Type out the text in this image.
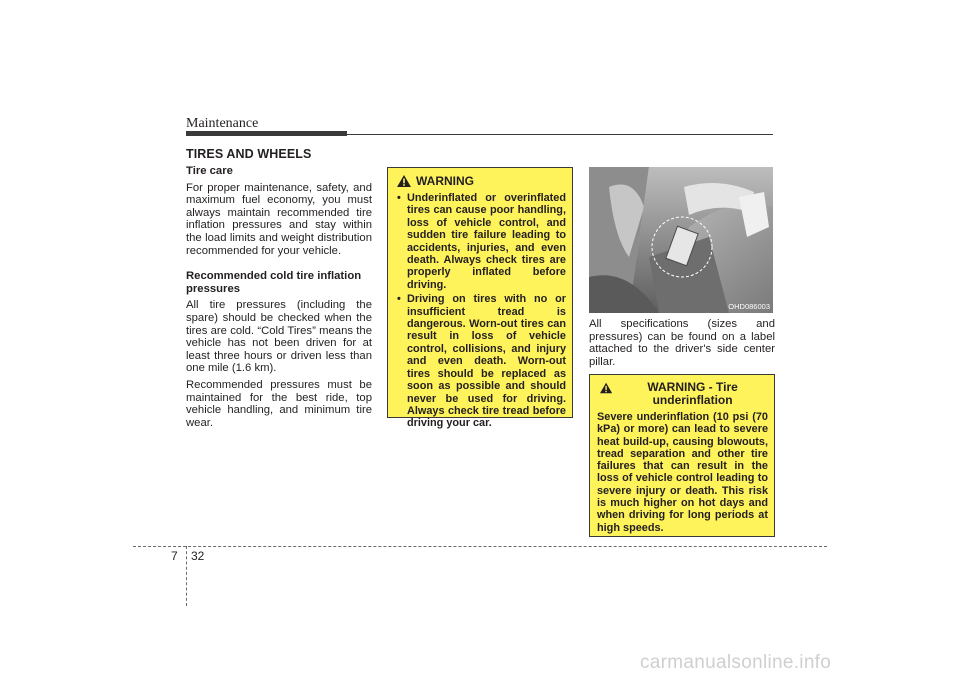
Maintenance
TIRES AND WHEELS
Tire care

For proper maintenance, safety, and maximum fuel economy, you must always maintain recommended tire inflation pressures and stay within the load limits and weight distribution recommended for your vehicle.

Recommended cold tire inflation pressures

All tire pressures (including the spare) should be checked when the tires are cold. “Cold Tires” means the vehicle has not been driven for at least three hours or driven less than one mile (1.6 km).

Recommended pressures must be maintained for the best ride, top vehicle handling, and minimum tire wear.

WARNING
• Underinflated or overinflated tires can cause poor handling, loss of vehicle control, and sudden tire failure leading to accidents, injuries, and even death. Always check tires are properly inflated before driving.
• Driving on tires with no or insufficient tread is dangerous. Worn-out tires can result in loss of vehicle control, collisions, and injury and even death. Worn-out tires should be replaced as soon as possible and should never be used for driving. Always check tire tread before driving your car.
OHD086003
All specifications (sizes and pressures) can be found on a label attached to the driver's side center pillar.
WARNING - Tire underinflation
Severe underinflation (10 psi (70 kPa) or more) can lead to severe heat build-up, causing blowouts, tread separation and other tire failures that can result in the loss of vehicle control leading to severe injury or death. This risk is much higher on hot days and when driving for long periods at high speeds.
7 32
carmanualsonline.info
